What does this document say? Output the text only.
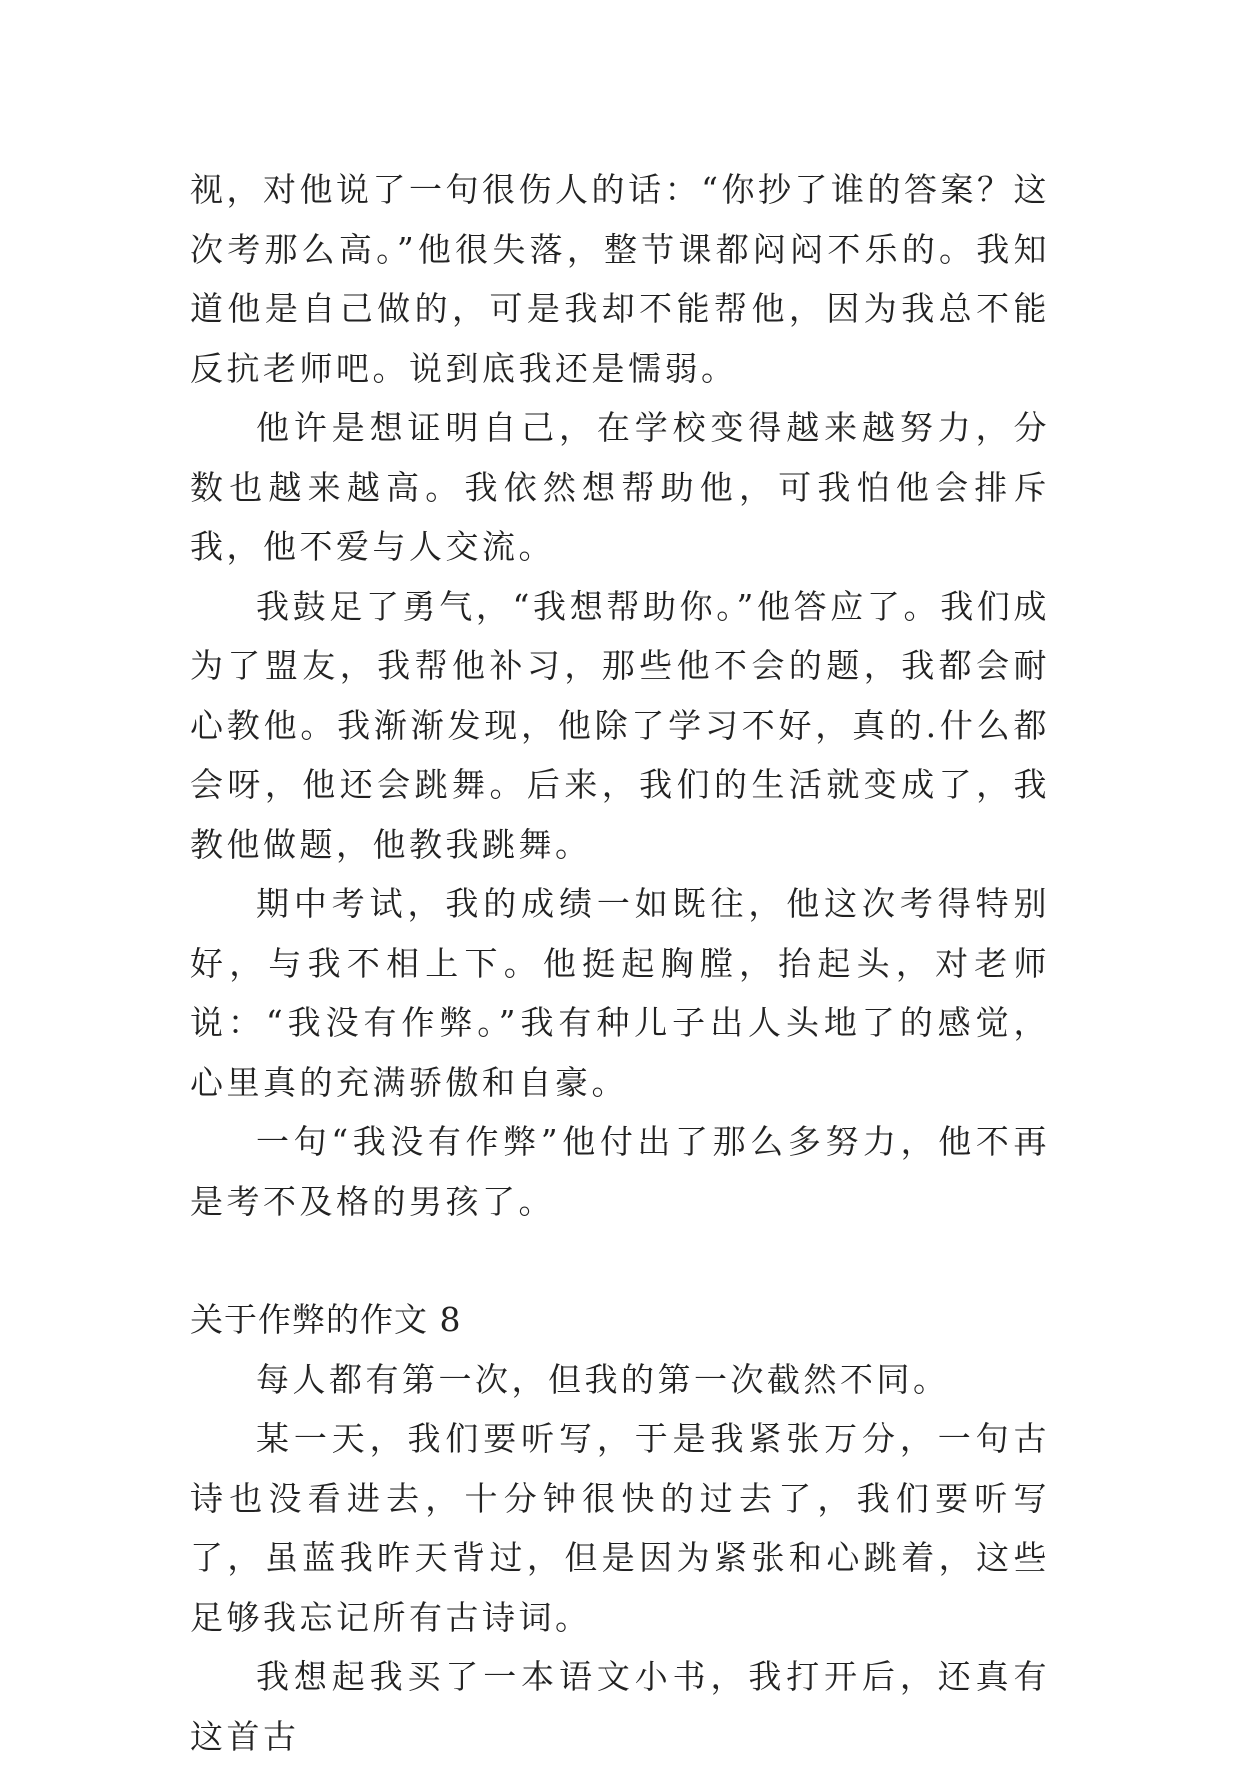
视，对他说了一句很伤人的话：“你抄了谁的答案？这次考那么高。”他很失落，整节课都闷闷不乐的。我知道他是自己做的，可是我却不能帮他，因为我总不能反抗老师吧。说到底我还是懦弱。

他许是想证明自己，在学校变得越来越努力，分数也越来越高。我依然想帮助他，可我怕他会排斥我，他不爱与人交流。

我鼓足了勇气，“我想帮助你。”他答应了。我们成为了盟友，我帮他补习，那些他不会的题，我都会耐心教他。我渐渐发现，他除了学习不好，真的.什么都会呀，他还会跳舞。后来，我们的生活就变成了，我教他做题，他教我跳舞。

期中考试，我的成绩一如既往，他这次考得特别好，与我不相上下。他挺起胸膛，抬起头，对老师说：“我没有作弊。”我有种儿子出人头地了的感觉，心里真的充满骄傲和自豪。

一句“我没有作弊”他付出了那么多努力，他不再是考不及格的男孩了。

关于作弊的作文 8

每人都有第一次，但我的第一次截然不同。

某一天，我们要听写，于是我紧张万分，一句古诗也没看进去，十分钟很快的过去了，我们要听写了，虽蓝我昨天背过，但是因为紧张和心跳着，这些足够我忘记所有古诗词。

我想起我买了一本语文小书，我打开后，还真有这首古
